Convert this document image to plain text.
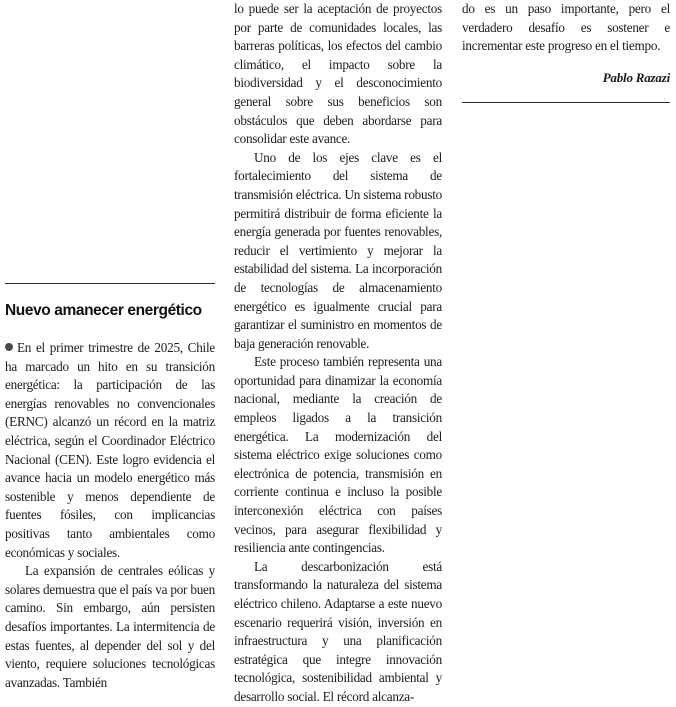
Nuevo amanecer energético

En el primer trimestre de 2025, Chile ha marcado un hito en su transición energética: la participación de las energías renovables no convencionales (ERNC) alcanzó un récord en la matriz eléctrica, según el Coordinador Eléctrico Nacional (CEN). Este logro evidencia el avance hacia un modelo energético más sostenible y menos dependiente de fuentes fósiles, con implicancias positivas tanto ambientales como económicas y sociales.

La expansión de centrales eólicas y solares demuestra que el país va por buen camino. Sin embargo, aún persisten desafíos importantes. La intermitencia de estas fuentes, al depender del sol y del viento, requiere soluciones tecnológicas avanzadas. También

lo puede ser la aceptación de proyectos por parte de comunidades locales, las barreras políticas, los efectos del cambio climático, el impacto sobre la biodiversidad y el desconocimiento general sobre sus beneficios son obstáculos que deben abordarse para consolidar este avance.

Uno de los ejes clave es el fortalecimiento del sistema de transmisión eléctrica. Un sistema robusto permitirá distribuir de forma eficiente la energía generada por fuentes renovables, reducir el vertimiento y mejorar la estabilidad del sistema. La incorporación de tecnologías de almacenamiento energético es igualmente crucial para garantizar el suministro en momentos de baja generación renovable.

Este proceso también representa una oportunidad para dinamizar la economía nacional, mediante la creación de empleos ligados a la transición energética. La modernización del sistema eléctrico exige soluciones como electrónica de potencia, transmisión en corriente continua e incluso la posible interconexión eléctrica con países vecinos, para asegurar flexibilidad y resiliencia ante contingencias.

La descarbonización está transformando la naturaleza del sistema eléctrico chileno. Adaptarse a este nuevo escenario requerirá visión, inversión en infraestructura y una planificación estratégica que integre innovación tecnológica, sostenibilidad ambiental y desarrollo social. El récord alcanza-

do es un paso importante, pero el verdadero desafío es sostener e incrementar este progreso en el tiempo.

Pablo Razazi
